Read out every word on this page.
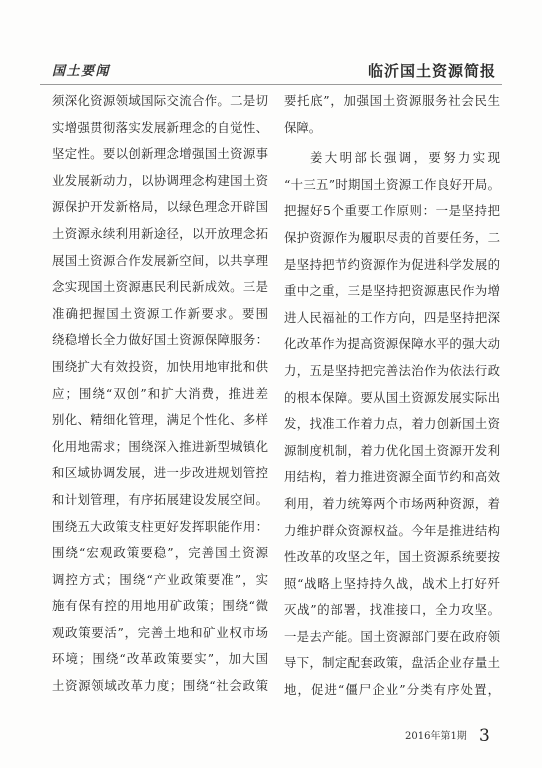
国土要闻	临沂国土资源简报
须深化资源领域国际交流合作。二是切
实增强贯彻落实发展新理念的自觉性、
坚定性。要以创新理念增强国土资源事
业发展新动力，以协调理念构建国土资
源保护开发新格局，以绿色理念开辟国
土资源永续利用新途径，以开放理念拓
展国土资源合作发展新空间，以共享理
念实现国土资源惠民利民新成效。三是
准确把握国土资源工作新要求。要围
绕稳增长全力做好国土资源保障服务：
围绕扩大有效投资，加快用地审批和供
应；围绕“双创”和扩大消费，推进差
别化、精细化管理，满足个性化、多样
化用地需求；围绕深入推进新型城镇化
和区域协调发展，进一步改进规划管控
和计划管理，有序拓展建设发展空间。
围绕五大政策支柱更好发挥职能作用：
围绕“宏观政策要稳”，完善国土资源
调控方式；围绕“产业政策要准”，实
施有保有控的用地用矿政策；围绕“微
观政策要活”，完善土地和矿业权市场
环境；围绕“改革政策要实”，加大国
土资源领域改革力度；围绕“社会政策
要托底”，加强国土资源服务社会民生
保障。
姜大明部长强调，要努力实现
“十三五”时期国土资源工作良好开局。
把握好5个重要工作原则：一是坚持把
保护资源作为履职尽责的首要任务，二
是坚持把节约资源作为促进科学发展的
重中之重，三是坚持把资源惠民作为增
进人民福祉的工作方向，四是坚持把深
化改革作为提高资源保障水平的强大动
力，五是坚持把完善法治作为依法行政
的根本保障。要从国土资源发展实际出
发，找准工作着力点，着力创新国土资
源制度机制，着力优化国土资源开发利
用结构，着力推进资源全面节约和高效
利用，着力统筹两个市场两种资源，着
力维护群众资源权益。今年是推进结构
性改革的攻坚之年，国土资源系统要按
照“战略上坚持持久战，战术上打好歼
灭战”的部署，找准接口，全力攻坚。
一是去产能。国土资源部门要在政府领
导下，制定配套政策，盘活企业存量土
地，促进“僵尸企业”分类有序处置，
2016年第1期 3
